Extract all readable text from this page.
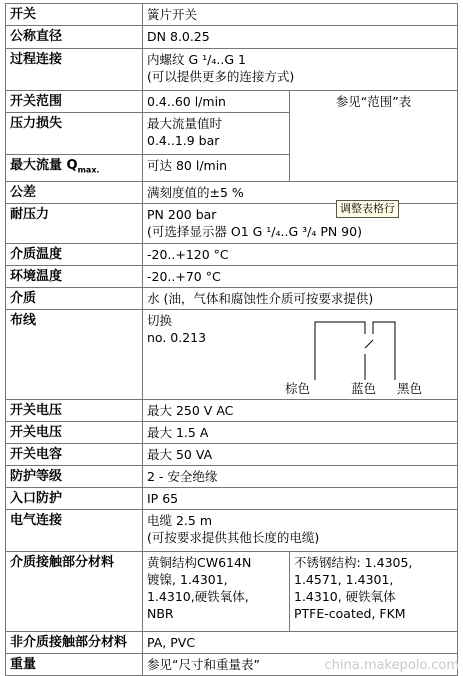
开关	簧片开关	
公称直径	DN 8.0.25	
过程连接	内螺纹 G ¹/₄..G 1
(可以提供更多的连接方式)	

开关范围	0.4..60 l/min	参见“范围”表
压力损失	最大流量值时
0.4..1.9 bar	

最大流量 $Q_{max.}$	可达 80 l/min	
公差	满刻度值的±5 %	
耐压力	PN 200 bar
(可选择显示器 O1 G ¹/₄..G ³/₄ PN 90)	

介质温度	-20..+120 °C	
环境温度	-20..+70 °C	
介质	水 (油，气体和腐蚀性介质可按要求提供)	
布线	切换
no. 0.213
棕色 蓝色 黑色	

开关电压	最大 250 V AC	
开关电压	最大 1.5 A	
开关电容	最大 50 VA	
防护等级	2 - 安全绝缘	
入口防护	IP 65	
电气连接	电缆 2.5 m
(可按要求提供其他长度的电缆)	

介质接触部分材料	黄铜结构CW614N
镀镍, 1.4301,
1.4310,硬铁氧体,
NBR	不锈钢结构: 1.4305,
1.4571, 1.4301,
1.4310, 硬铁氧体
PTFE-coated, FKM

非介质接触部分材料	PA, PVC	
重量	参见“尺寸和重量表”	
调整表格行
china.makepolo.com
